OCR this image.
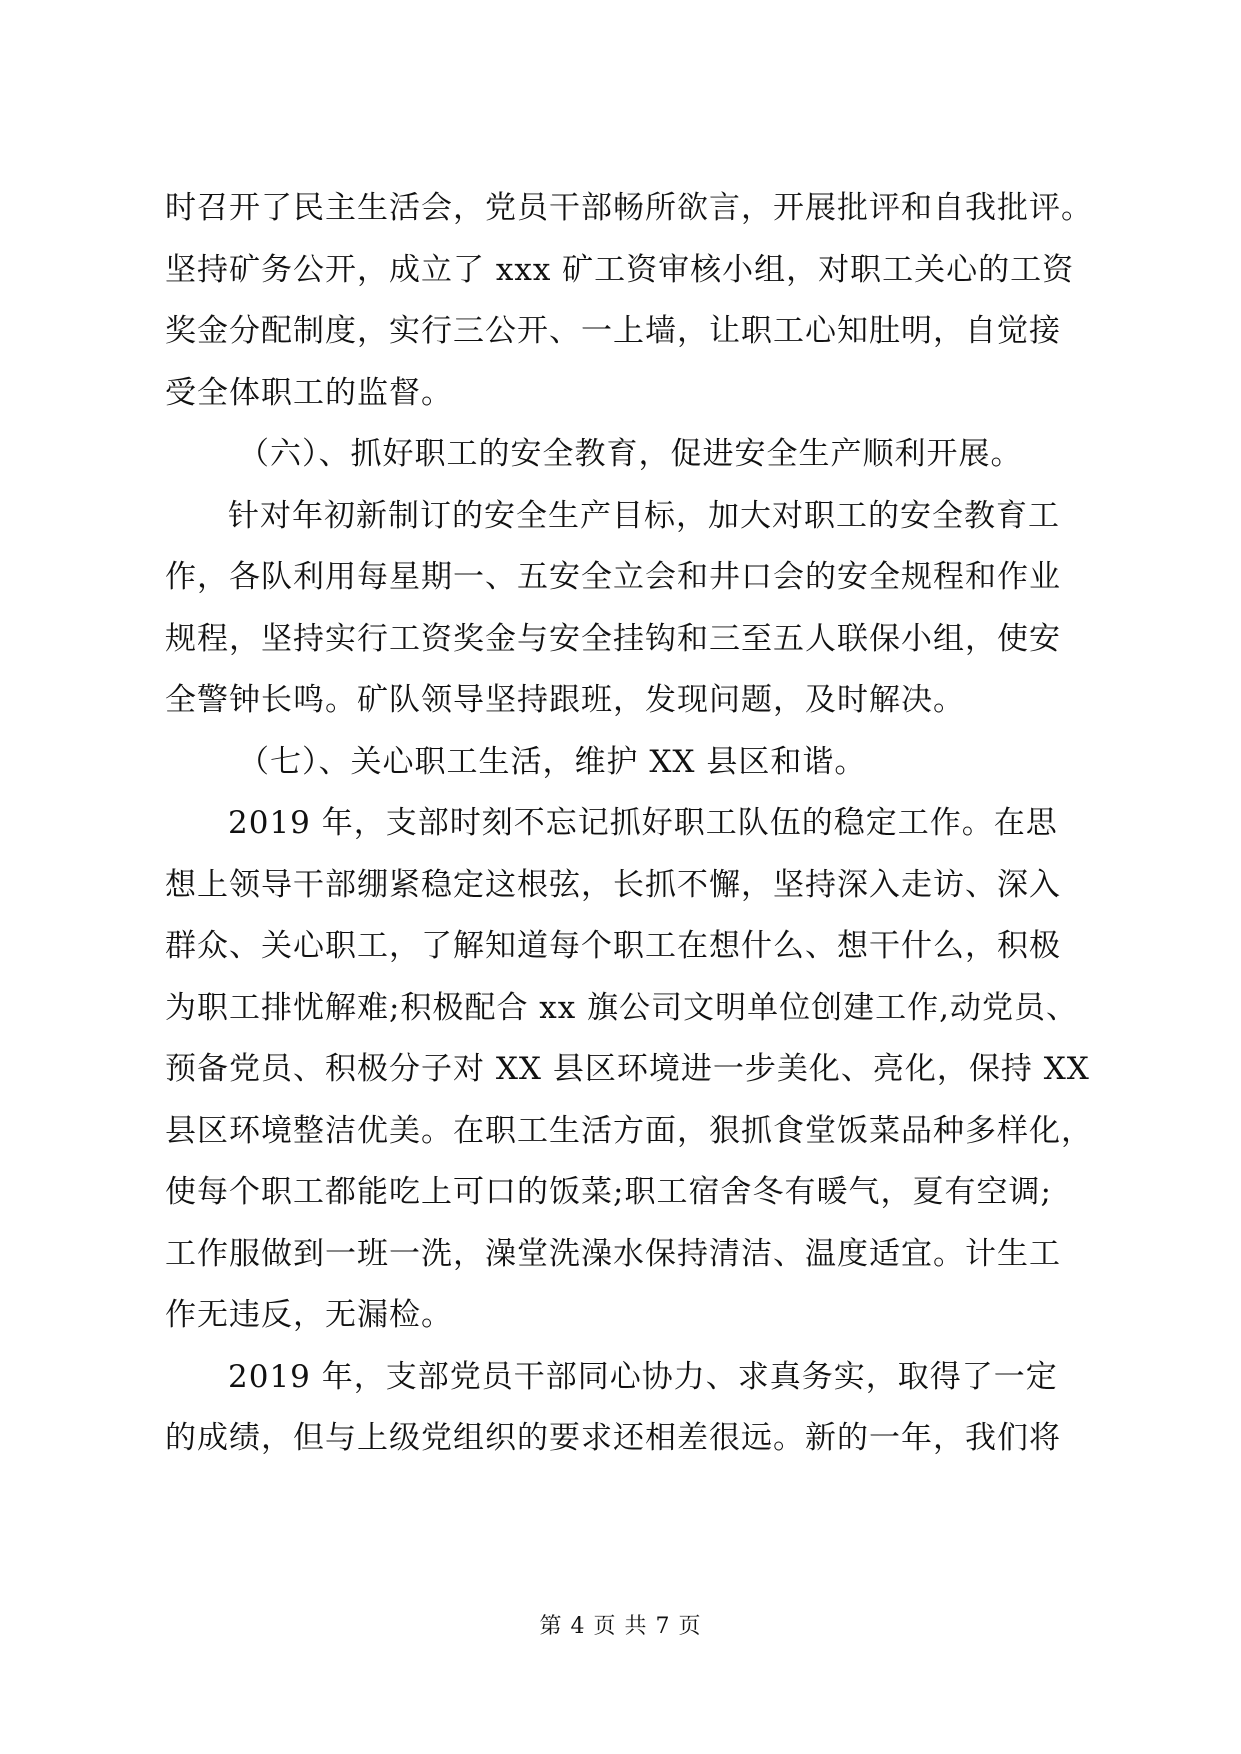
时召开了民主生活会，党员干部畅所欲言，开展批评和自我批评。
坚持矿务公开，成立了 xxx 矿工资审核小组，对职工关心的工资
奖金分配制度，实行三公开、一上墙，让职工心知肚明，自觉接
受全体职工的监督。
（六）、抓好职工的安全教育，促进安全生产顺利开展。
针对年初新制订的安全生产目标，加大对职工的安全教育工
作，各队利用每星期一、五安全立会和井口会的安全规程和作业
规程，坚持实行工资奖金与安全挂钩和三至五人联保小组，使安
全警钟长鸣。矿队领导坚持跟班，发现问题，及时解决。
（七）、关心职工生活，维护 XX 县区和谐。
2019 年，支部时刻不忘记抓好职工队伍的稳定工作。在思
想上领导干部绷紧稳定这根弦，长抓不懈，坚持深入走访、深入
群众、关心职工，了解知道每个职工在想什么、想干什么，积极
为职工排忧解难;积极配合 xx 旗公司文明单位创建工作,动党员、
预备党员、积极分子对 XX 县区环境进一步美化、亮化，保持 XX
县区环境整洁优美。在职工生活方面，狠抓食堂饭菜品种多样化，
使每个职工都能吃上可口的饭菜;职工宿舍冬有暖气，夏有空调;
工作服做到一班一洗，澡堂洗澡水保持清洁、温度适宜。计生工
作无违反，无漏检。
第 4 页 共 7 页
2019 年，支部党员干部同心协力、求真务实，取得了一定
的成绩，但与上级党组织的要求还相差很远。新的一年，我们将
